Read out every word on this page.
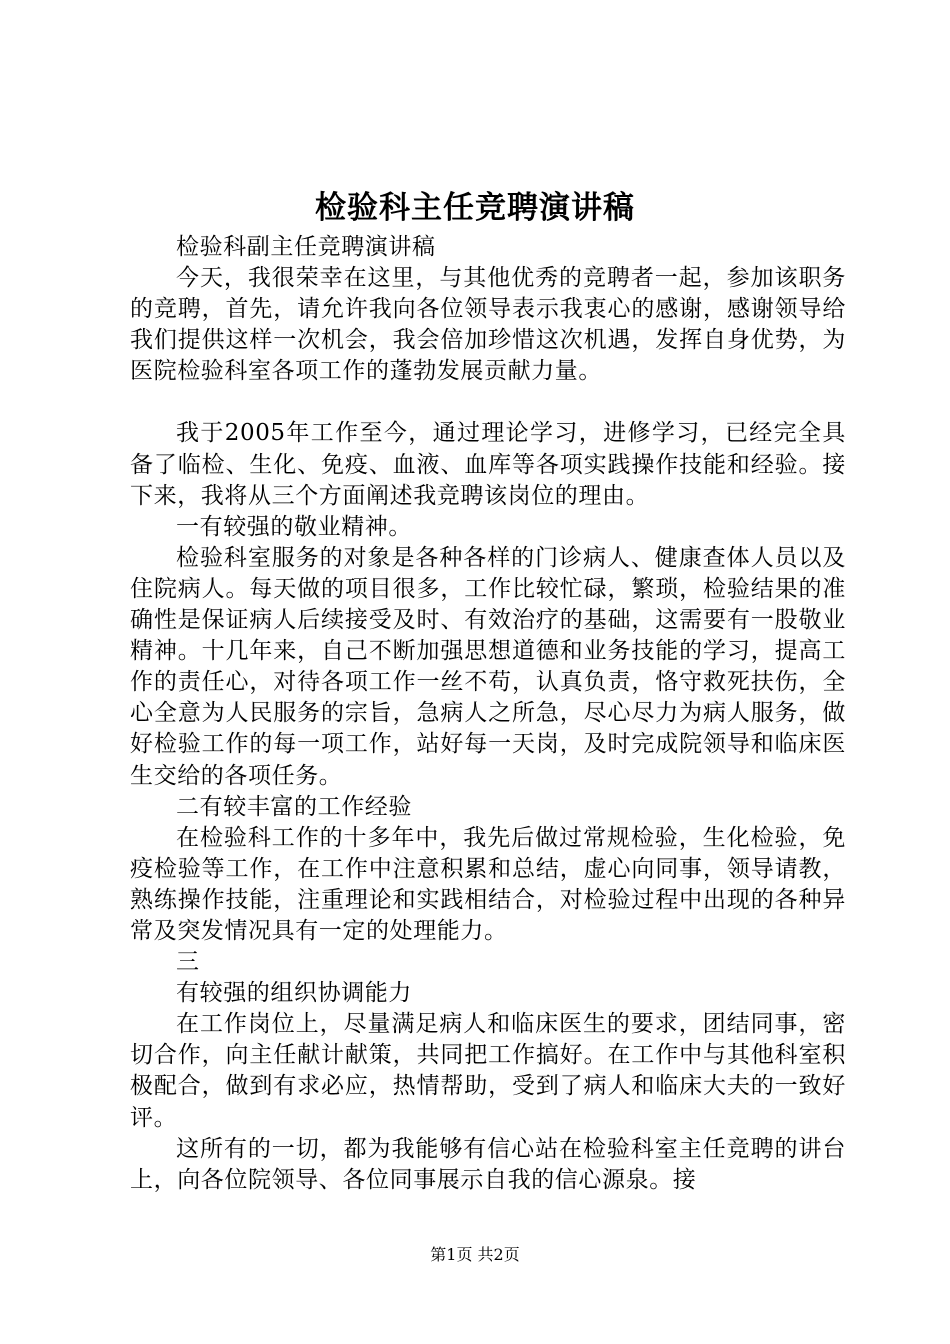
检验科主任竞聘演讲稿

检验科副主任竞聘演讲稿

今天，我很荣幸在这里，与其他优秀的竞聘者一起，参加该职务的竞聘，首先，请允许我向各位领导表示我衷心的感谢，感谢领导给我们提供这样一次机会，我会倍加珍惜这次机遇，发挥自身优势，为医院检验科室各项工作的蓬勃发展贡献力量。

我于2005年工作至今，通过理论学习，进修学习，已经完全具备了临检、生化、免疫、血液、血库等各项实践操作技能和经验。接下来，我将从三个方面阐述我竞聘该岗位的理由。

一有较强的敬业精神。

检验科室服务的对象是各种各样的门诊病人、健康查体人员以及住院病人。每天做的项目很多，工作比较忙碌，繁琐，检验结果的准确性是保证病人后续接受及时、有效治疗的基础，这需要有一股敬业精神。十几年来，自己不断加强思想道德和业务技能的学习，提高工作的责任心，对待各项工作一丝不苟，认真负责，恪守救死扶伤，全心全意为人民服务的宗旨，急病人之所急，尽心尽力为病人服务，做好检验工作的每一项工作，站好每一天岗，及时完成院领导和临床医生交给的各项任务。

二有较丰富的工作经验

在检验科工作的十多年中，我先后做过常规检验，生化检验，免疫检验等工作，在工作中注意积累和总结，虚心向同事，领导请教，熟练操作技能，注重理论和实践相结合，对检验过程中出现的各种异常及突发情况具有一定的处理能力。

三

有较强的组织协调能力

在工作岗位上，尽量满足病人和临床医生的要求，团结同事，密切合作，向主任献计献策，共同把工作搞好。在工作中与其他科室积极配合，做到有求必应，热情帮助，受到了病人和临床大夫的一致好评。

这所有的一切，都为我能够有信心站在检验科室主任竞聘的讲台上，向各位院领导、各位同事展示自我的信心源泉。接

第1页 共2页
